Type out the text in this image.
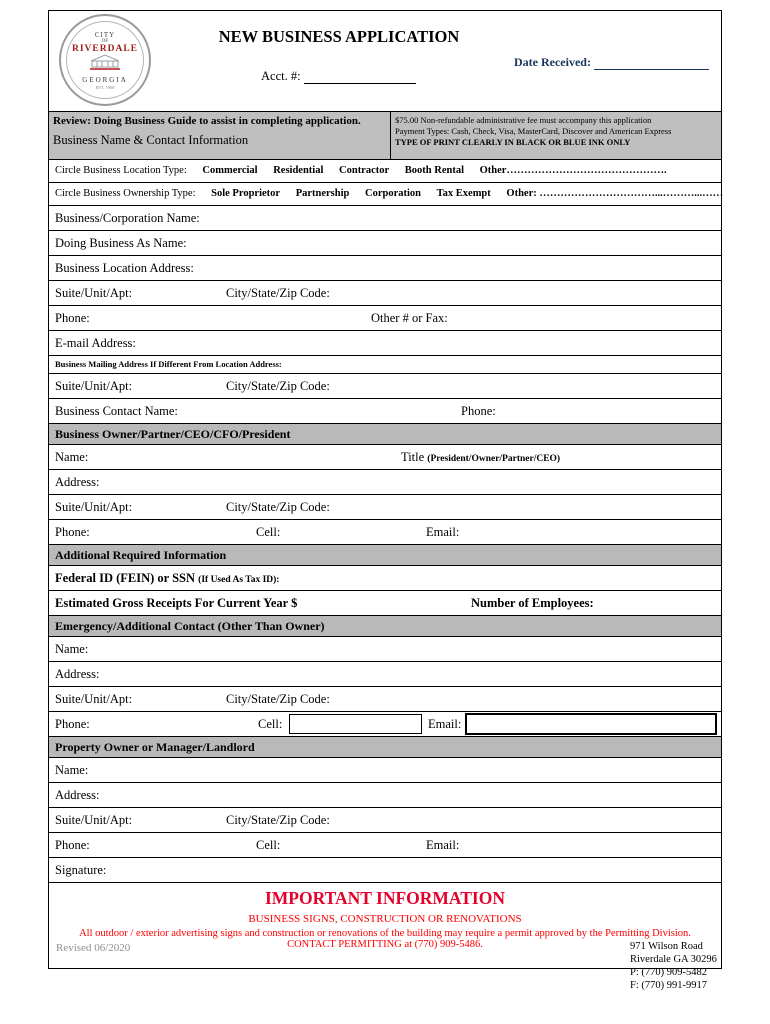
CITY
OF
RIVERDALE
GEORGIA
EST. 1908
NEW BUSINESS APPLICATION
Acct. #:
Date Received:
Review: Doing Business Guide to assist in completing application.
Business Name & Contact Information
$75.00 Non-refundable administrative fee must accompany this application
Payment Types: Cash, Check, Visa, MasterCard, Discover and American Express
TYPE OF PRINT CLEARLY IN BLACK OR BLUE INK ONLY
Circle Business Location Type: Commercial Residential Contractor Booth Rental Other……………………………………….
Circle Business Ownership Type: Sole Proprietor Partnership Corporation Tax Exempt Other: ……………………………...………...……
Business/Corporation Name:
Doing Business As Name:
Business Location Address:
Suite/Unit/Apt:	City/State/Zip Code:
Phone:	Other # or Fax:
E-mail Address:
Business Mailing Address If Different From Location Address:
Suite/Unit/Apt:	City/State/Zip Code:
Business Contact Name:	Phone:
Business Owner/Partner/CEO/CFO/President
Name:	Title (President/Owner/Partner/CEO)
Address:
Suite/Unit/Apt:	City/State/Zip Code:
Phone:	Cell:	Email:
Additional Required Information
Federal ID (FEIN) or SSN (If Used As Tax ID):
Estimated Gross Receipts For Current Year $	Number of Employees:
Emergency/Additional Contact (Other Than Owner)
Name:
Address:
Suite/Unit/Apt:	City/State/Zip Code:
Phone:	Cell:	Email:
Property Owner or Manager/Landlord
Name:
Address:
Suite/Unit/Apt:	City/State/Zip Code:
Phone:	Cell:	Email:
Signature:
IMPORTANT INFORMATION
BUSINESS SIGNS, CONSTRUCTION OR RENOVATIONS
All outdoor / exterior advertising signs and construction or renovations of the building may require a permit approved by the Permitting Division.
CONTACT PERMITTING at (770) 909-5486.
Revised 06/2020	971 Wilson Road
Riverdale GA 30296
P: (770) 909-5482
F: (770) 991-9917
